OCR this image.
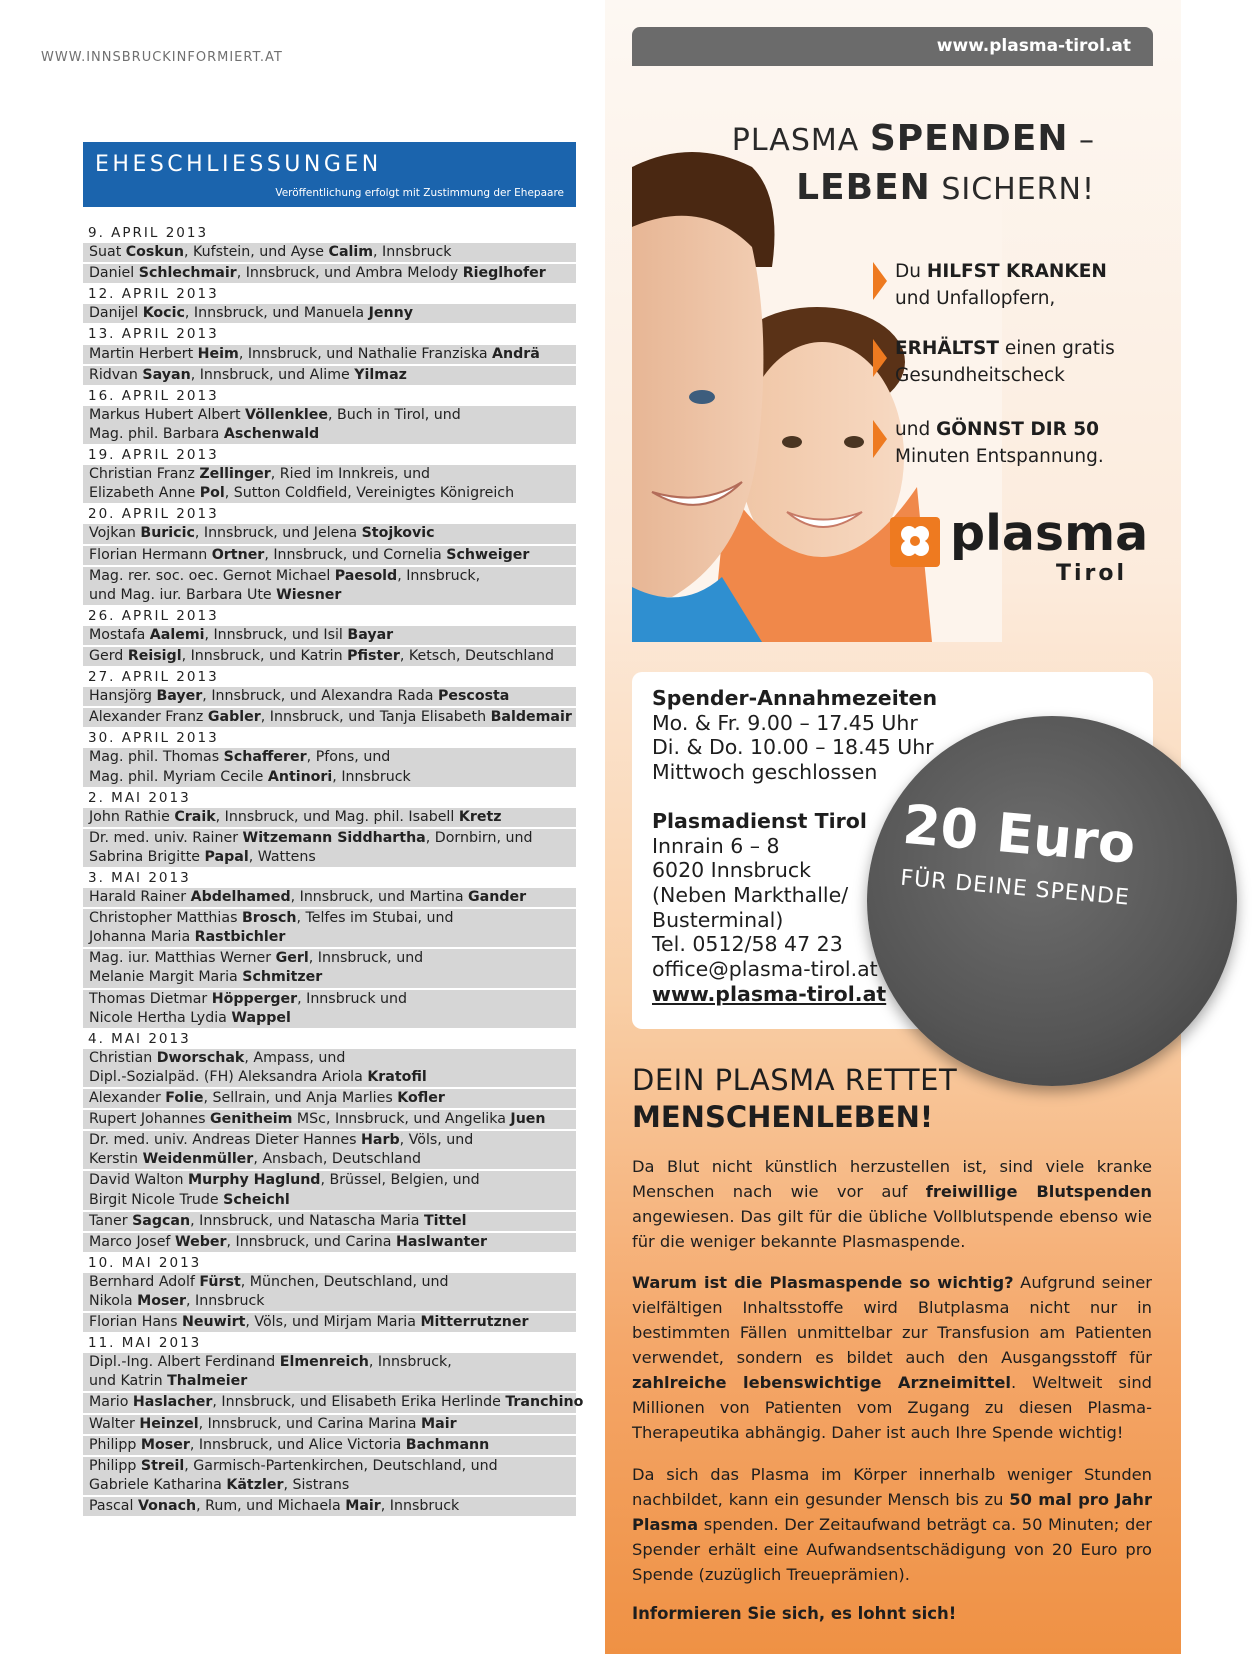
WWW.INNSBRUCKINFORMIERT.AT
EHESCHLIESSUNGEN
Veröffentlichung erfolgt mit Zustimmung der Ehepaare
9. APRIL 2013
Suat Coskun, Kufstein, und Ayse Calim, Innsbruck
Daniel Schlechmair, Innsbruck, und Ambra Melody Rieglhofer
12. APRIL 2013
Danijel Kocic, Innsbruck, und Manuela Jenny
13. APRIL 2013
Martin Herbert Heim, Innsbruck, und Nathalie Franziska Andrä
Ridvan Sayan, Innsbruck, und Alime Yilmaz
16. APRIL 2013
Markus Hubert Albert Völlenklee, Buch in Tirol, und
Mag. phil. Barbara Aschenwald
19. APRIL 2013
Christian Franz Zellinger, Ried im Innkreis, und
Elizabeth Anne Pol, Sutton Coldfield, Vereinigtes Königreich
20. APRIL 2013
Vojkan Buricic, Innsbruck, und Jelena Stojkovic
Florian Hermann Ortner, Innsbruck, und Cornelia Schweiger
Mag. rer. soc. oec. Gernot Michael Paesold, Innsbruck,
und Mag. iur. Barbara Ute Wiesner
26. APRIL 2013
Mostafa Aalemi, Innsbruck, und Isil Bayar
Gerd Reisigl, Innsbruck, und Katrin Pfister, Ketsch, Deutschland
27. APRIL 2013
Hansjörg Bayer, Innsbruck, und Alexandra Rada Pescosta
Alexander Franz Gabler, Innsbruck, und Tanja Elisabeth Baldemair
30. APRIL 2013
Mag. phil. Thomas Schafferer, Pfons, und
Mag. phil. Myriam Cecile Antinori, Innsbruck
2. MAI 2013
John Rathie Craik, Innsbruck, und Mag. phil. Isabell Kretz
Dr. med. univ. Rainer Witzemann Siddhartha, Dornbirn, und
Sabrina Brigitte Papal, Wattens
3. MAI 2013
Harald Rainer Abdelhamed, Innsbruck, und Martina Gander
Christopher Matthias Brosch, Telfes im Stubai, und
Johanna Maria Rastbichler
Mag. iur. Matthias Werner Gerl, Innsbruck, und
Melanie Margit Maria Schmitzer
Thomas Dietmar Höpperger, Innsbruck und
Nicole Hertha Lydia Wappel
4. MAI 2013
Christian Dworschak, Ampass, und
Dipl.-Sozialpäd. (FH) Aleksandra Ariola Kratofil
Alexander Folie, Sellrain, und Anja Marlies Kofler
Rupert Johannes Genitheim MSc, Innsbruck, und Angelika Juen
Dr. med. univ. Andreas Dieter Hannes Harb, Völs, und
Kerstin Weidenmüller, Ansbach, Deutschland
David Walton Murphy Haglund, Brüssel, Belgien, und
Birgit Nicole Trude Scheichl
Taner Sagcan, Innsbruck, und Natascha Maria Tittel
Marco Josef Weber, Innsbruck, und Carina Haslwanter
10. MAI 2013
Bernhard Adolf Fürst, München, Deutschland, und
Nikola Moser, Innsbruck
Florian Hans Neuwirt, Völs, und Mirjam Maria Mitterrutzner
11. MAI 2013
Dipl.-Ing. Albert Ferdinand Elmenreich, Innsbruck,
und Katrin Thalmeier
Mario Haslacher, Innsbruck, und Elisabeth Erika Herlinde Tranchino
Walter Heinzel, Innsbruck, und Carina Marina Mair
Philipp Moser, Innsbruck, und Alice Victoria Bachmann
Philipp Streil, Garmisch-Partenkirchen, Deutschland, und
Gabriele Katharina Kätzler, Sistrans
Pascal Vonach, Rum, und Michaela Mair, Innsbruck
www.plasma-tirol.at
PLASMA SPENDEN –
LEBEN SICHERN!
Du HILFST KRANKEN
und Unfallopfern,
ERHÄLTST einen gratis
Gesundheitscheck
und GÖNNST DIR 50
Minuten Entspannung.
plasma
Tirol
Spender-Annahmezeiten
Mo. & Fr. 9.00 – 17.45 Uhr
Di. & Do. 10.00 – 18.45 Uhr
Mittwoch geschlossen
Plasmadienst Tirol
Innrain 6 – 8
6020 Innsbruck
(Neben Markthalle/
Busterminal)
Tel. 0512/58 47 23
office@plasma-tirol.at
www.plasma-tirol.at
20 Euro
FÜR DEINE SPENDE
DEIN PLASMA RETTET
MENSCHENLEBEN!
Da Blut nicht künstlich herzustellen ist, sind viele kranke Menschen nach wie vor auf freiwillige Blutspenden angewiesen. Das gilt für die übliche Vollblutspende ebenso wie für die weniger bekannte Plasmaspende.
Warum ist die Plasmaspende so wichtig? Aufgrund seiner vielfältigen Inhaltsstoffe wird Blutplasma nicht nur in bestimmten Fällen unmittelbar zur Transfusion am Patienten verwendet, sondern es bildet auch den Ausgangsstoff für zahlreiche lebenswichtige Arzneimittel. Weltweit sind Millionen von Patienten vom Zugang zu diesen Plasma-Therapeutika abhängig. Daher ist auch Ihre Spende wichtig!
Da sich das Plasma im Körper innerhalb weniger Stunden nachbildet, kann ein gesunder Mensch bis zu 50 mal pro Jahr Plasma spenden. Der Zeitaufwand beträgt ca. 50 Minuten; der Spender erhält eine Aufwandsentschädigung von 20 Euro pro Spende (zuzüglich Treueprämien).
Informieren Sie sich, es lohnt sich!
